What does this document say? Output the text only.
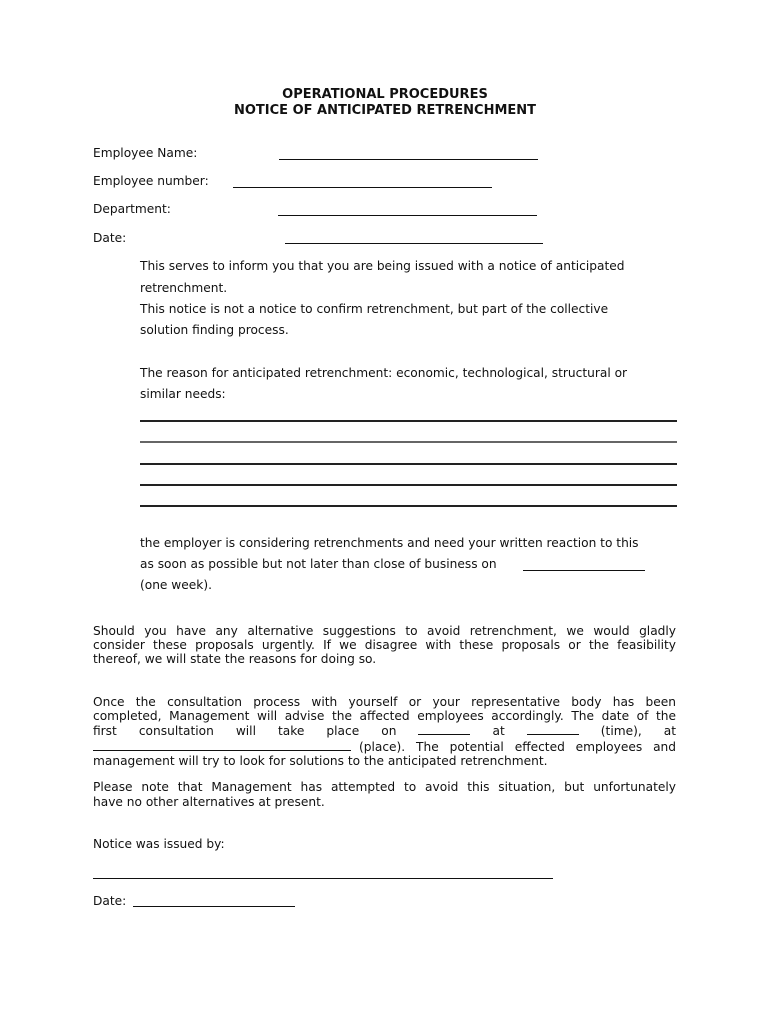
OPERATIONAL PROCEDURES
NOTICE OF ANTICIPATED RETRENCHMENT
Employee Name:
Employee number:
Department:
Date:
This serves to inform you that you are being issued with a notice of anticipated
retrenchment.
This notice is not a notice to confirm retrenchment, but part of the collective
solution finding process.
The reason for anticipated retrenchment: economic, technological, structural or
similar needs:
the employer is considering retrenchments and need your written reaction to this
as soon as possible but not later than close of business on
(one week).
Should you have any alternative suggestions to avoid retrenchment, we would gladly
consider these proposals urgently. If we disagree with these proposals or the feasibility
thereof, we will state the reasons for doing so.
Once the consultation process with yourself or your representative body has been
completed, Management will advise the affected employees accordingly. The date of the
first consultation will take place on	at	(time), at
(place). The potential effected employees and
management will try to look for solutions to the anticipated retrenchment.
Please note that Management has attempted to avoid this situation, but unfortunately
have no other alternatives at present.
Notice was issued by:
Date:
